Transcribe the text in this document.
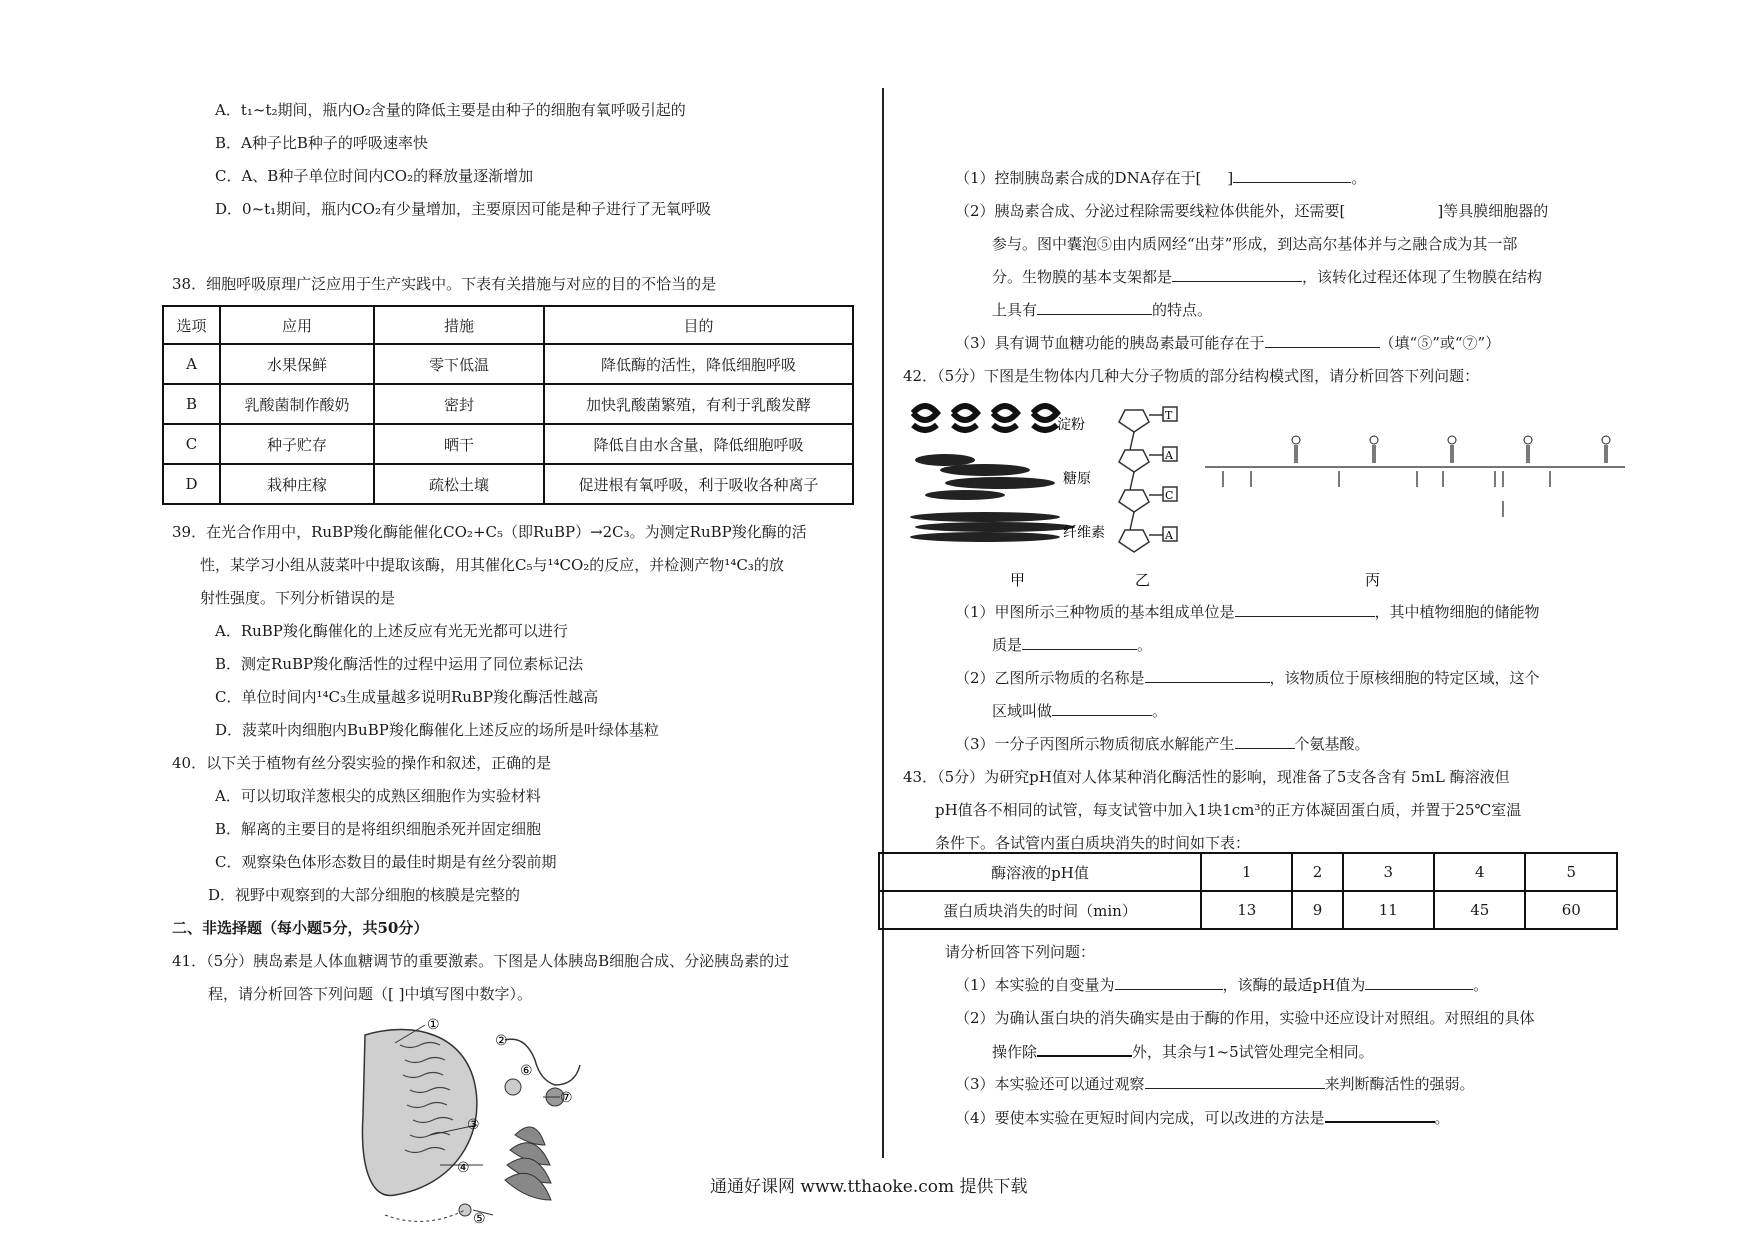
A．t₁~t₂期间，瓶内O₂含量的降低主要是由种子的细胞有氧呼吸引起的
B．A种子比B种子的呼吸速率快
C．A、B种子单位时间内CO₂的释放量逐渐增加
D．0~t₁期间，瓶内CO₂有少量增加，主要原因可能是种子进行了无氧呼吸
38．细胞呼吸原理广泛应用于生产实践中。下表有关措施与对应的目的不恰当的是
选项	应用	措施	目的
A	水果保鲜	零下低温	降低酶的活性，降低细胞呼吸
B	乳酸菌制作酸奶	密封	加快乳酸菌繁殖，有利于乳酸发酵
C	种子贮存	晒干	降低自由水含量，降低细胞呼吸
D	栽种庄稼	疏松土壤	促进根有氧呼吸，利于吸收各种离子
39．在光合作用中，RuBP羧化酶能催化CO₂+C₅（即RuBP）→2C₃。为测定RuBP羧化酶的活
性，某学习小组从菠菜叶中提取该酶，用其催化C₅与¹⁴CO₂的反应，并检测产物¹⁴C₃的放
射性强度。下列分析错误的是
A．RuBP羧化酶催化的上述反应有光无光都可以进行
B．测定RuBP羧化酶活性的过程中运用了同位素标记法
C．单位时间内¹⁴C₃生成量越多说明RuBP羧化酶活性越高
D．菠菜叶肉细胞内BuBP羧化酶催化上述反应的场所是叶绿体基粒
40．以下关于植物有丝分裂实验的操作和叙述，正确的是
A．可以切取洋葱根尖的成熟区细胞作为实验材料
B．解离的主要目的是将组织细胞杀死并固定细胞
C．观察染色体形态数目的最佳时期是有丝分裂前期
D．视野中观察到的大部分细胞的核膜是完整的
二、非选择题（每小题5分，共50分）
41．（5分）胰岛素是人体血糖调节的重要激素。下图是人体胰岛B细胞合成、分泌胰岛素的过
程，请分析回答下列问题（[ ]中填写图中数字）。
①
②
③
④
⑤
⑥
⑦
（1）控制胰岛素合成的DNA存在于[ ]	。
（2）胰岛素合成、分泌过程除需要线粒体供能外，还需要[	]等具膜细胞器的
参与。图中囊泡⑤由内质网经“出芽”形成，到达高尔基体并与之融合成为其一部
分。生物膜的基本支架都是	，该转化过程还体现了生物膜在结构
上具有	的特点。
（3）具有调节血糖功能的胰岛素最可能存在于	（填“⑤”或“⑦”）
42．（5分）下图是生物体内几种大分子物质的部分结构模式图，请分析回答下列问题：
淀粉
糖原
纤维素
T
A
C
A
甲	乙	丙
（1）甲图所示三种物质的基本组成单位是	，其中植物细胞的储能物
质是	。
（2）乙图所示物质的名称是	，该物质位于原核细胞的特定区域，这个
区域叫做	。
（3）一分子丙图所示物质彻底水解能产生	个氨基酸。
43．（5分）为研究pH值对人体某种消化酶活性的影响，现准备了5支各含有 5mL 酶溶液但
pH值各不相同的试管，每支试管中加入1块1cm³的正方体凝固蛋白质，并置于25℃室温
条件下。各试管内蛋白质块消失的时间如下表：
酶溶液的pH值	1	2	3	4	5
蛋白质块消失的时间（min）	13	9	11	45	60
请分析回答下列问题：
（1）本实验的自变量为	，该酶的最适pH值为	。
（2）为确认蛋白块的消失确实是由于酶的作用，实验中还应设计对照组。对照组的具体
操作除	外，其余与1~5试管处理完全相同。
（3）本实验还可以通过观察	来判断酶活性的强弱。
（4）要使本实验在更短时间内完成，可以改进的方法是	。
通通好课网 www.tthaoke.com 提供下载
